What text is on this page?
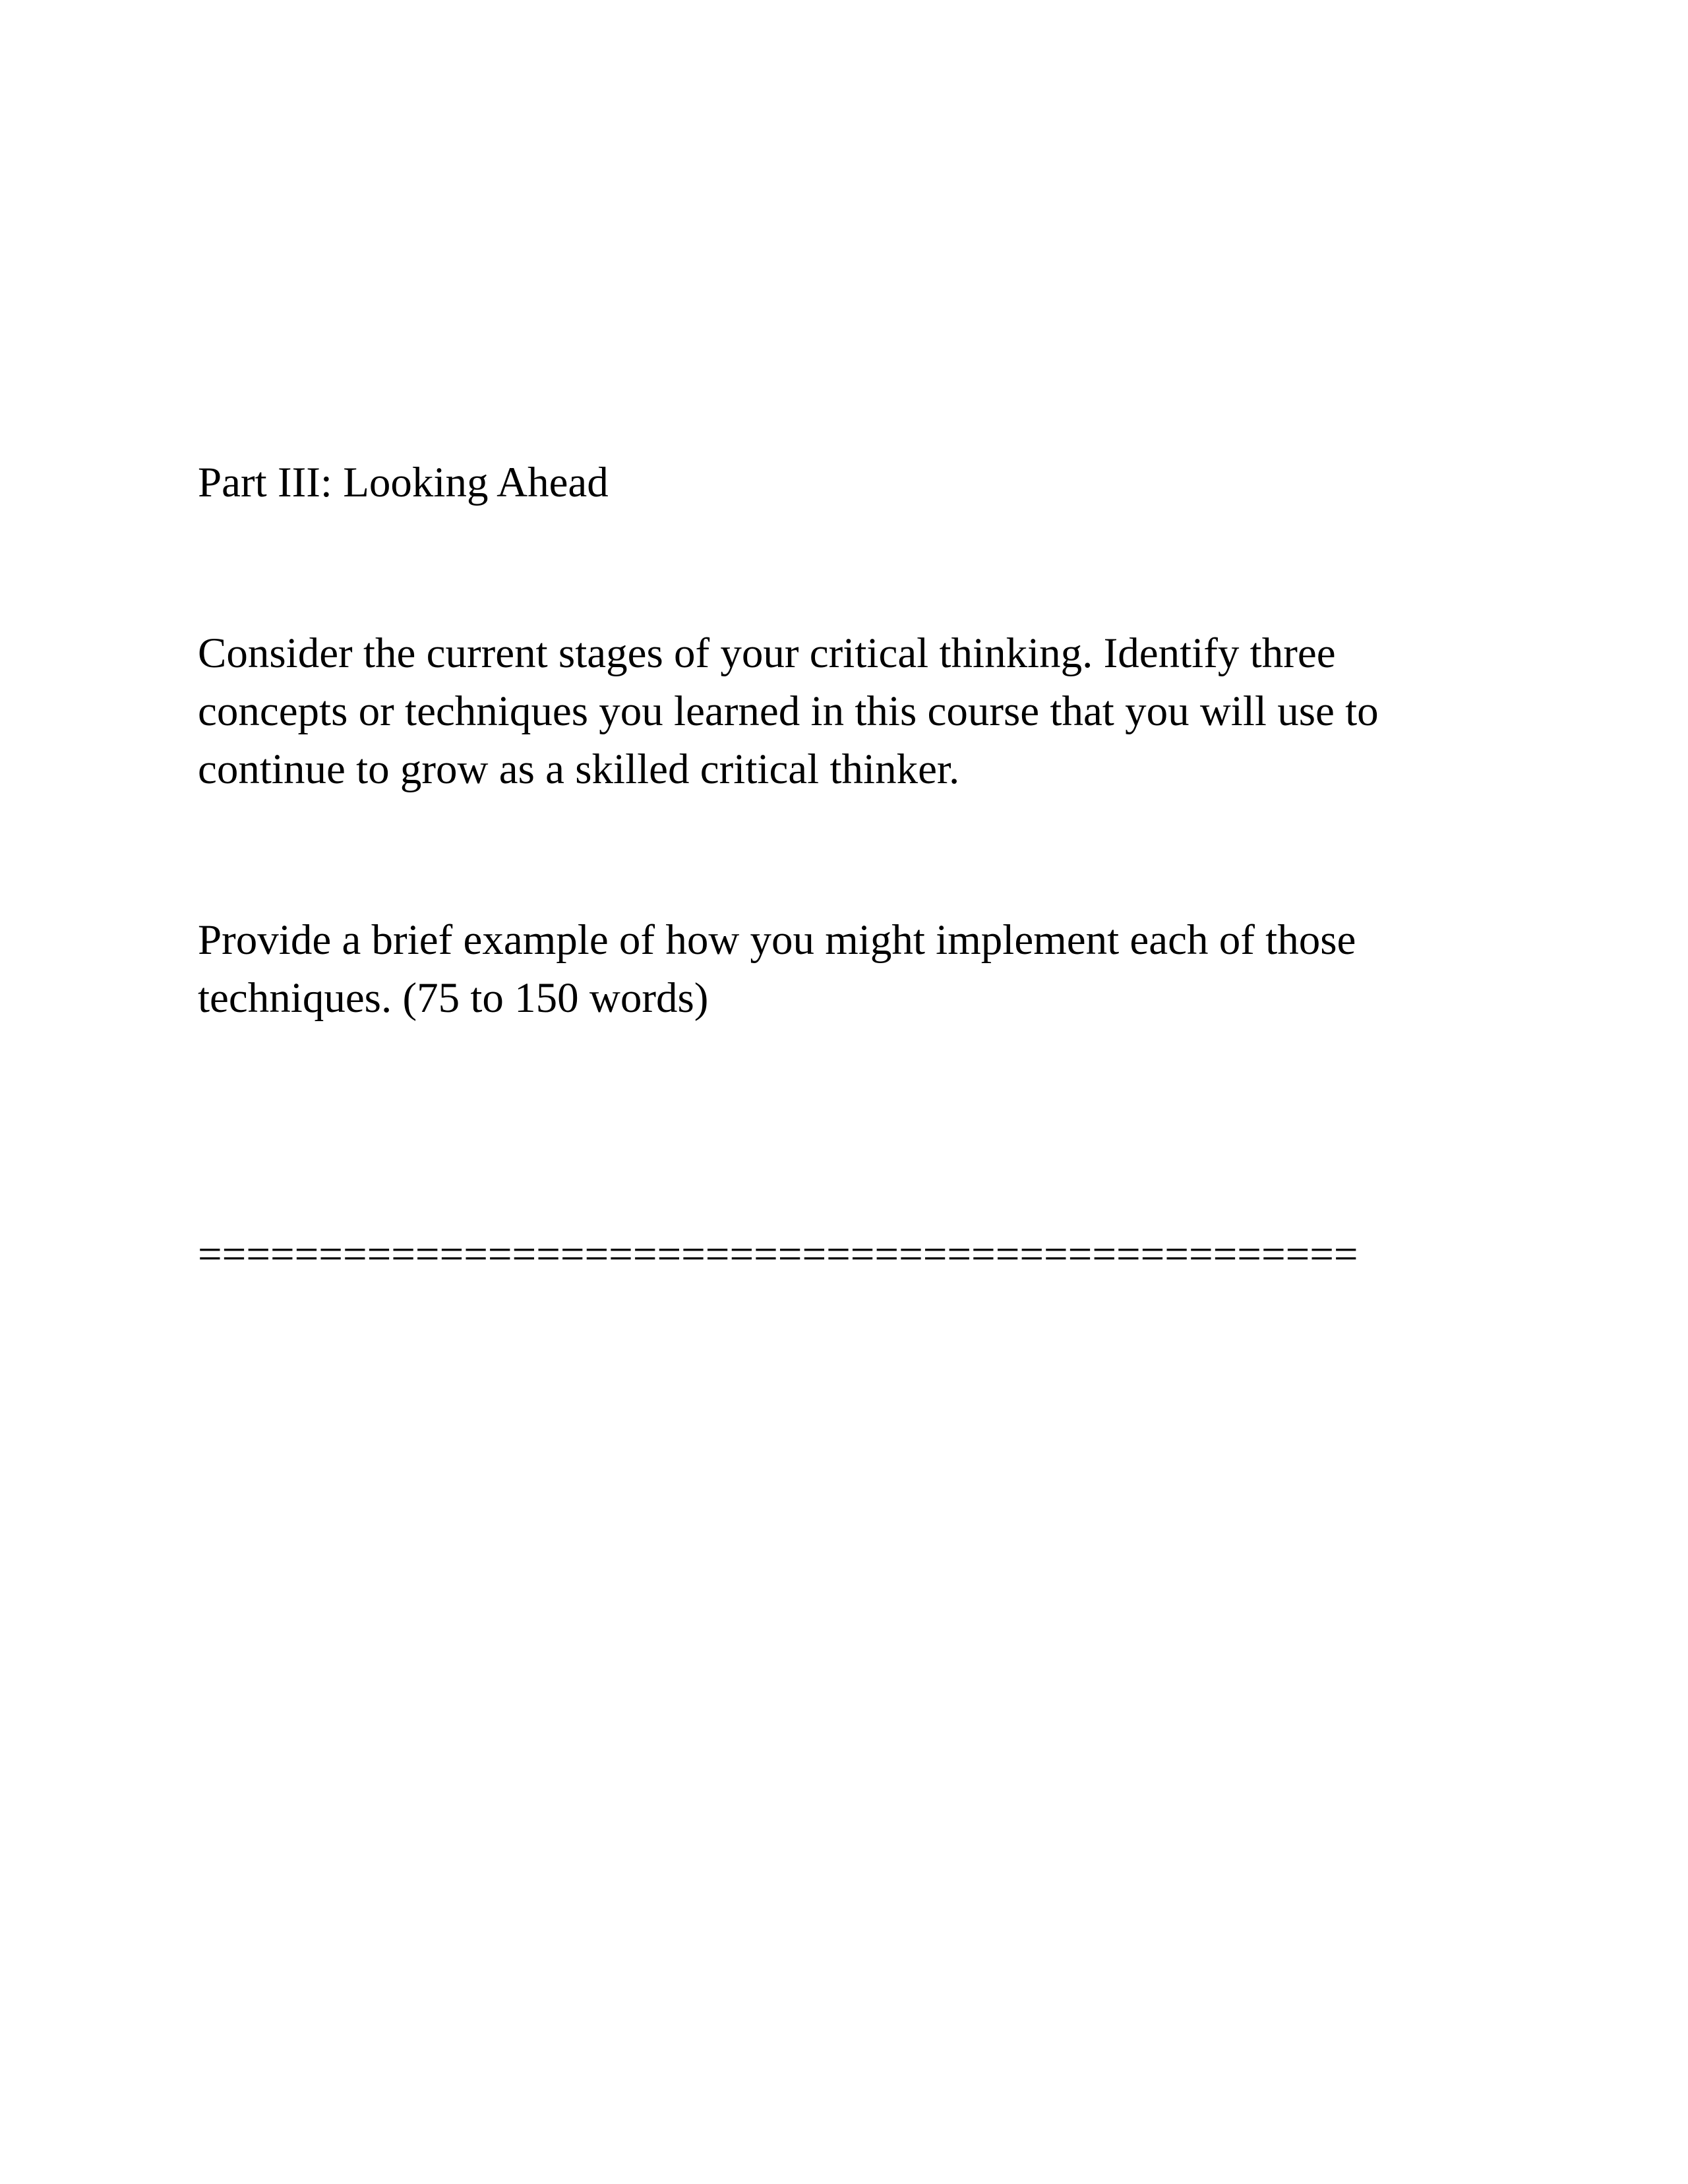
Part III: Looking Ahead

Consider the current stages of your critical thinking. Identify three
concepts or techniques you learned in this course that you will use to
continue to grow as a skilled critical thinker.

Provide a brief example of how you might implement each of those
techniques. (75 to 150 words)

================================================
